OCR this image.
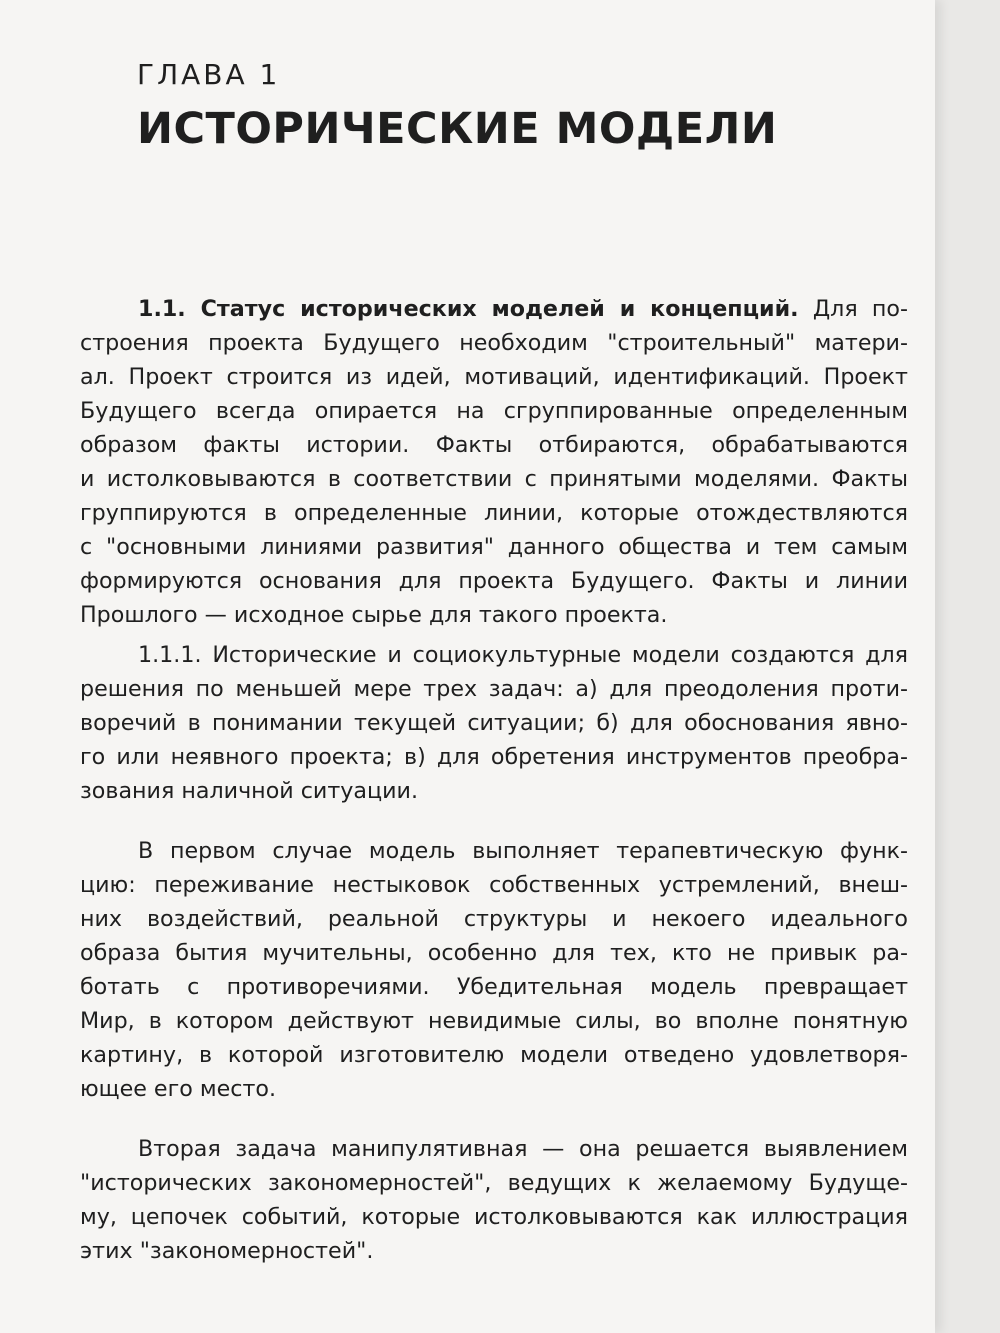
ГЛАВА 1
ИСТОРИЧЕСКИЕ МОДЕЛИ
1.1. Статус исторических моделей и концепций. Для по-
строения проекта Будущего необходим "строительный" матери-
ал. Проект строится из идей, мотиваций, идентификаций. Проект
Будущего всегда опирается на сгруппированные определенным
образом факты истории. Факты отбираются, обрабатываются
и истолковываются в соответствии с принятыми моделями. Факты
группируются в определенные линии, которые отождествляются
с "основными линиями развития" данного общества и тем самым
формируются основания для проекта Будущего. Факты и линии
Прошлого — исходное сырье для такого проекта.
1.1.1. Исторические и социокультурные модели создаются для
решения по меньшей мере трех задач: а) для преодоления проти-
воречий в понимании текущей ситуации; б) для обоснования явно-
го или неявного проекта; в) для обретения инструментов преобра-
зования наличной ситуации.
В первом случае модель выполняет терапевтическую функ-
цию: переживание нестыковок собственных устремлений, внеш-
них воздействий, реальной структуры и некоего идеального
образа бытия мучительны, особенно для тех, кто не привык ра-
ботать с противоречиями. Убедительная модель превращает
Мир, в котором действуют невидимые силы, во вполне понятную
картину, в которой изготовителю модели отведено удовлетворя-
ющее его место.
Вторая задача манипулятивная — она решается выявлением
"исторических закономерностей", ведущих к желаемому Будуще-
му, цепочек событий, которые истолковываются как иллюстрация
этих "закономерностей".
